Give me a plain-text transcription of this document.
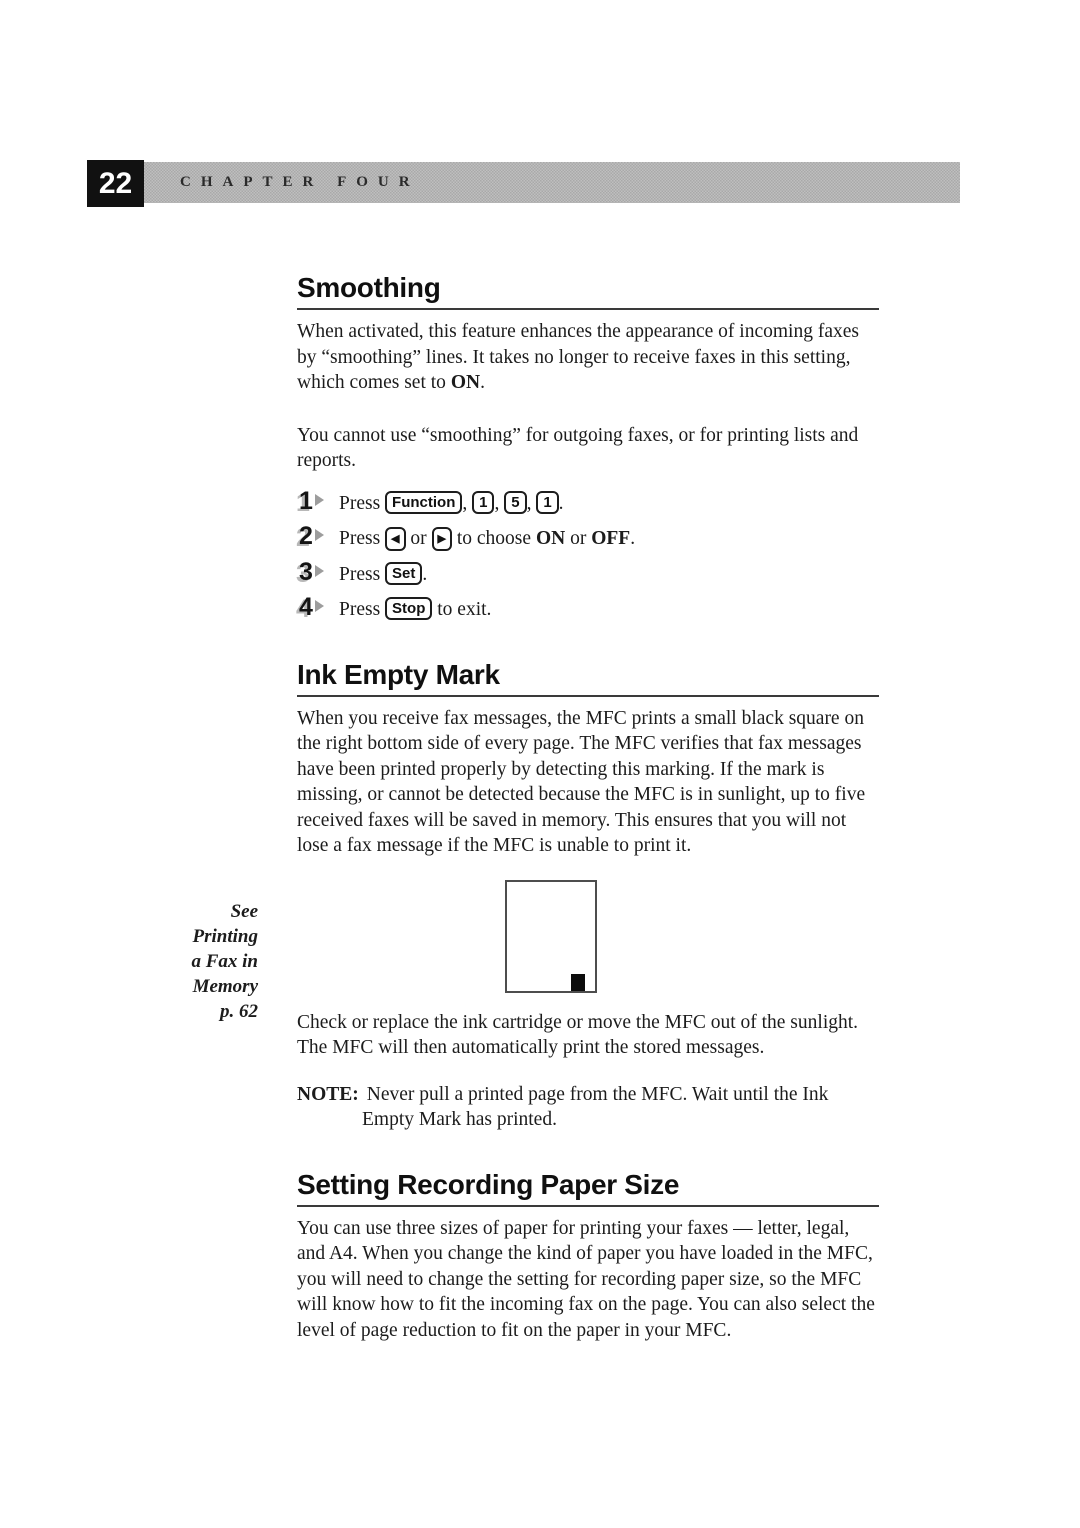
22	CHAPTER FOUR
See
Printing
a Fax in
Memory
p. 62
Smoothing

When activated, this feature enhances the appearance of incoming faxes by “smoothing” lines. It takes no longer to receive faxes in this setting, which comes set to ON.

You cannot use “smoothing” for outgoing faxes, or for printing lists and reports.

1	Press Function , 1 , 5 , 1 .
2	Press ◀ or ▶ to choose ON or OFF.
3	Press Set .
4	Press Stop to exit.
Ink Empty Mark

When you receive fax messages, the MFC prints a small black square on the right bottom side of every page. The MFC verifies that fax messages have been printed properly by detecting this marking. If the mark is missing, or cannot be detected because the MFC is in sunlight, up to five received faxes will be saved in memory. This ensures that you will not lose a fax message if the MFC is unable to print it.

Check or replace the ink cartridge or move the MFC out of the sunlight. The MFC will then automatically print the stored messages.

NOTE: Never pull a printed page from the MFC. Wait until the Ink Empty Mark has printed.

Setting Recording Paper Size

You can use three sizes of paper for printing your faxes — letter, legal, and A4. When you change the kind of paper you have loaded in the MFC, you will need to change the setting for recording paper size, so the MFC will know how to fit the incoming fax on the page. You can also select the level of page reduction to fit on the paper in your MFC.
